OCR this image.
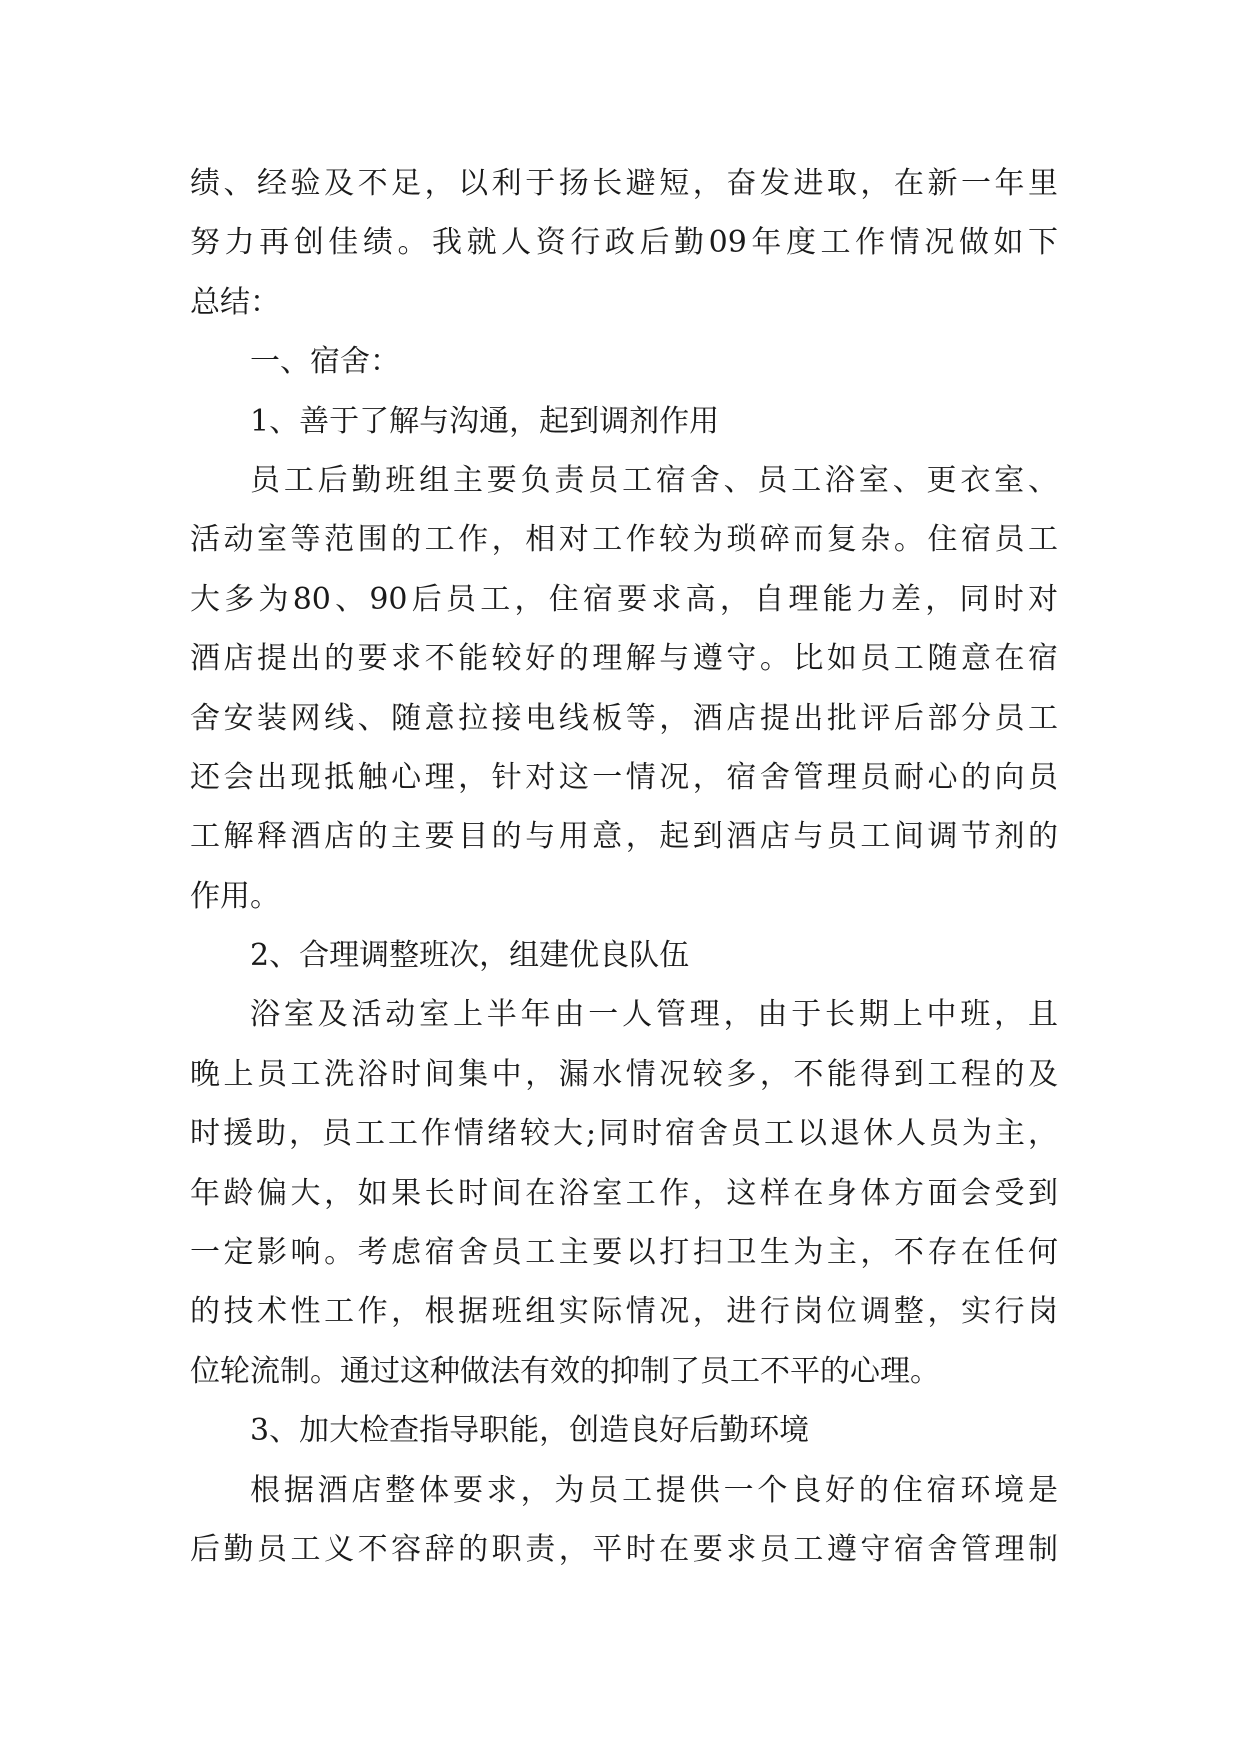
绩、经验及不足，以利于扬长避短，奋发进取，在新一年里
努力再创佳绩。我就人资行政后勤09年度工作情况做如下
总结：
一、宿舍：
1、善于了解与沟通，起到调剂作用
员工后勤班组主要负责员工宿舍、员工浴室、更衣室、
活动室等范围的工作，相对工作较为琐碎而复杂。住宿员工
大多为80、90后员工，住宿要求高，自理能力差，同时对
酒店提出的要求不能较好的理解与遵守。比如员工随意在宿
舍安装网线、随意拉接电线板等，酒店提出批评后部分员工
还会出现抵触心理，针对这一情况，宿舍管理员耐心的向员
工解释酒店的主要目的与用意，起到酒店与员工间调节剂的
作用。
2、合理调整班次，组建优良队伍
浴室及活动室上半年由一人管理，由于长期上中班，且
晚上员工洗浴时间集中，漏水情况较多，不能得到工程的及
时援助，员工工作情绪较大;同时宿舍员工以退休人员为主，
年龄偏大，如果长时间在浴室工作，这样在身体方面会受到
一定影响。考虑宿舍员工主要以打扫卫生为主，不存在任何
的技术性工作，根据班组实际情况，进行岗位调整，实行岗
位轮流制。通过这种做法有效的抑制了员工不平的心理。
3、加大检查指导职能，创造良好后勤环境
根据酒店整体要求，为员工提供一个良好的住宿环境是
后勤员工义不容辞的职责，平时在要求员工遵守宿舍管理制
